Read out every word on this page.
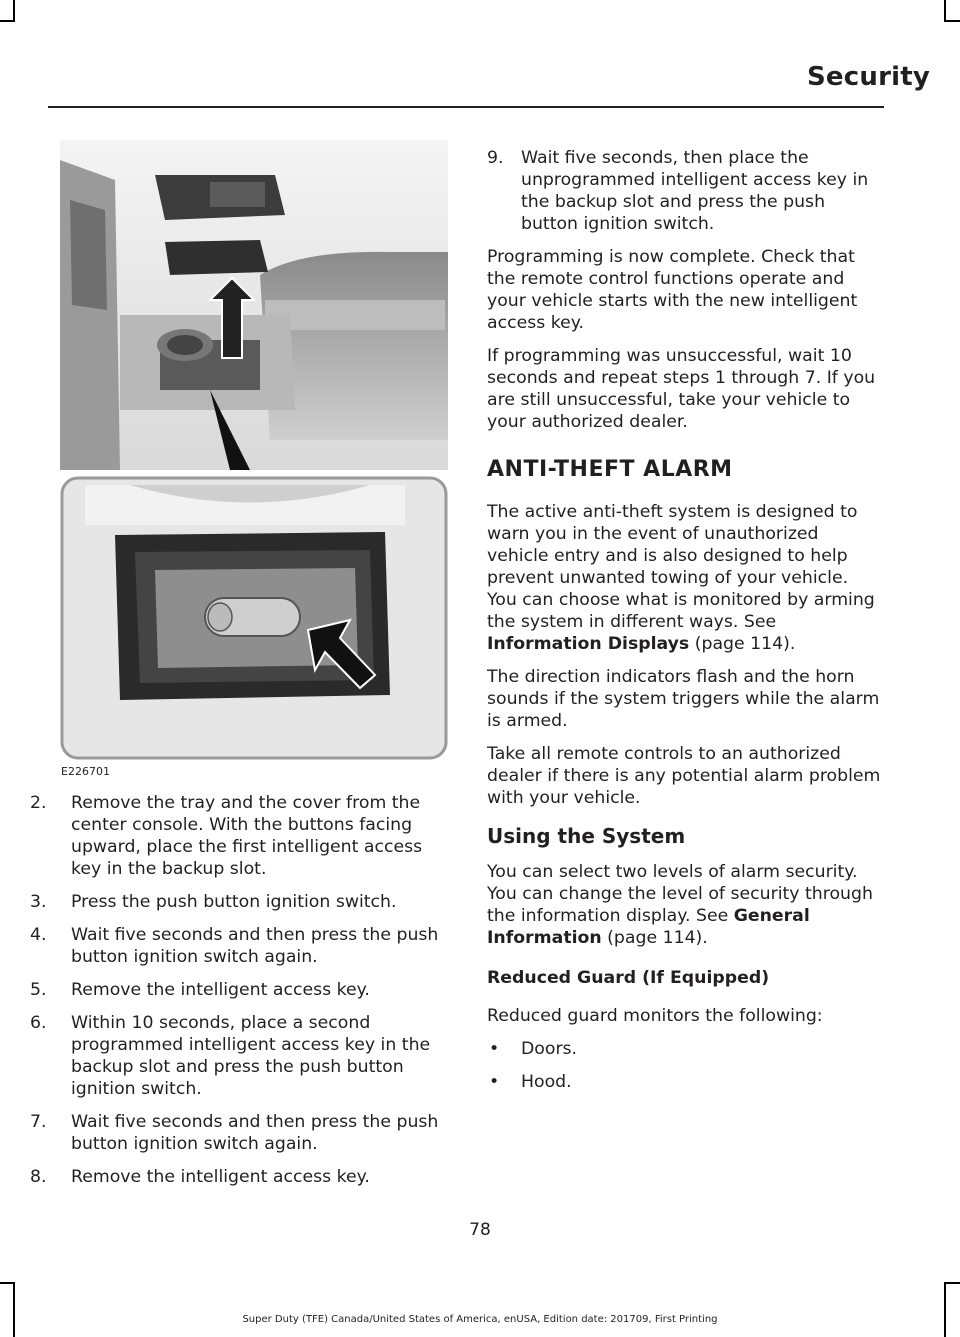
Security
E226701
2. Remove the tray and the cover from the center console. With the buttons facing upward, place the first intelligent access key in the backup slot.
3. Press the push button ignition switch.
4. Wait five seconds and then press the push button ignition switch again.
5. Remove the intelligent access key.
6. Within 10 seconds, place a second programmed intelligent access key in the backup slot and press the push button ignition switch.
7. Wait five seconds and then press the push button ignition switch again.
8. Remove the intelligent access key.
9. Wait five seconds, then place the unprogrammed intelligent access key in the backup slot and press the push button ignition switch.

Programming is now complete. Check that the remote control functions operate and your vehicle starts with the new intelligent access key.

If programming was unsuccessful, wait 10 seconds and repeat steps 1 through 7. If you are still unsuccessful, take your vehicle to your authorized dealer.

ANTI-THEFT ALARM

The active anti-theft system is designed to warn you in the event of unauthorized vehicle entry and is also designed to help prevent unwanted towing of your vehicle. You can choose what is monitored by arming the system in different ways. See Information Displays (page 114).

The direction indicators flash and the horn sounds if the system triggers while the alarm is armed.

Take all remote controls to an authorized dealer if there is any potential alarm problem with your vehicle.

Using the System

You can select two levels of alarm security. You can change the level of security through the information display. See General Information (page 114).

Reduced Guard (If Equipped)

Reduced guard monitors the following:

• Doors.
• Hood.
78
Super Duty (TFE) Canada/United States of America, enUSA, Edition date: 201709, First Printing
